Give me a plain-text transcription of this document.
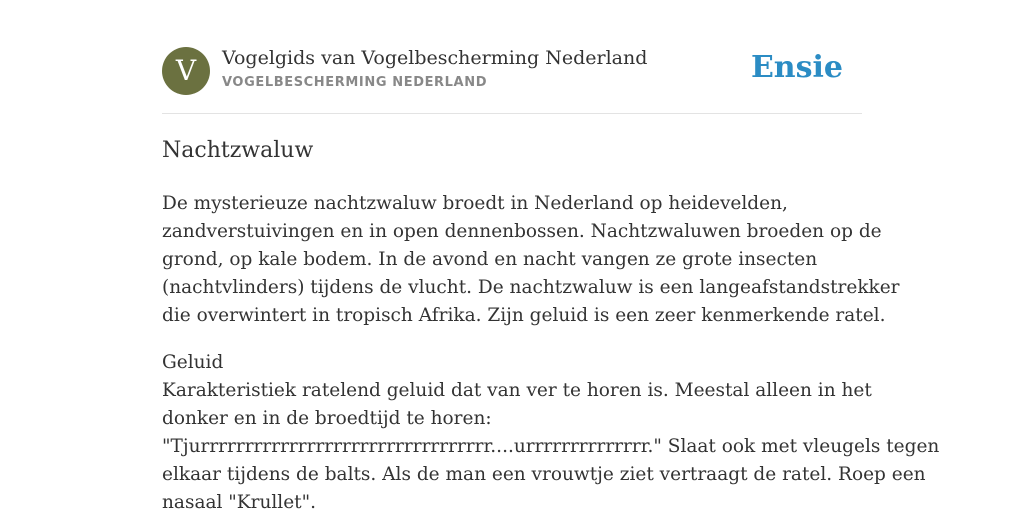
V	Vogelgids van Vogelbescherming Nederland
VOGELBESCHERMING NEDERLAND	Ensie
Nachtzwaluw

De mysterieuze nachtzwaluw broedt in Nederland op heidevelden,
zandverstuivingen en in open dennenbossen. Nachtzwaluwen broeden op de
grond, op kale bodem. In de avond en nacht vangen ze grote insecten
(nachtvlinders) tijdens de vlucht. De nachtzwaluw is een langeafstandstrekker
die overwintert in tropisch Afrika. Zijn geluid is een zeer kenmerkende ratel.

Geluid
Karakteristiek ratelend geluid dat van ver te horen is. Meestal alleen in het
donker en in de broedtijd te horen:
"Tjurrrrrrrrrrrrrrrrrrrrrrrrrrrrrrrrr....urrrrrrrrrrrrrr." Slaat ook met vleugels tegen
elkaar tijdens de balts. Als de man een vrouwtje ziet vertraagt de ratel. Roep een
nasaal "Krullet".
